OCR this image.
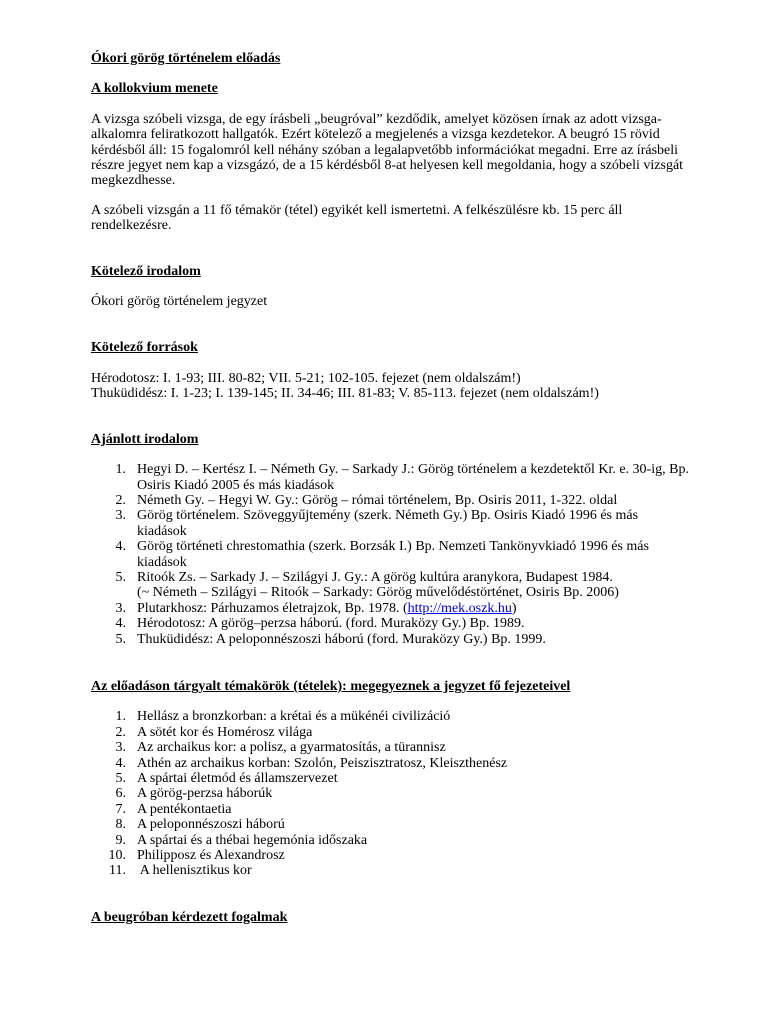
Ókori görög történelem előadás

A kollokvium menete

A vizsga szóbeli vizsga, de egy írásbeli „beugróval” kezdődik, amelyet közösen írnak az adott vizsga-alkalomra feliratkozott hallgatók. Ezért kötelező a megjelenés a vizsga kezdetekor. A beugró 15 rövid kérdésből áll: 15 fogalomról kell néhány szóban a legalapvetőbb információkat megadni. Erre az írásbeli részre jegyet nem kap a vizsgázó, de a 15 kérdésből 8-at helyesen kell megoldania, hogy a szóbeli vizsgát megkezdhesse.

A szóbeli vizsgán a 11 fő témakör (tétel) egyikét kell ismertetni. A felkészülésre kb. 15 perc áll rendelkezésre.

Kötelező irodalom

Ókori görög történelem jegyzet

Kötelező források

Hérodotosz: I. 1-93; III. 80-82; VII. 5-21; 102-105. fejezet (nem oldalszám!)

Thuküdidész: I. 1-23; I. 139-145; II. 34-46; III. 81-83; V. 85-113. fejezet (nem oldalszám!)

Ajánlott irodalom

1. Hegyi D. – Kertész I. – Németh Gy. – Sarkady J.: Görög történelem a kezdetektől Kr. e. 30-ig, Bp. Osiris Kiadó 2005 és más kiadások
2. Németh Gy. – Hegyi W. Gy.: Görög – római történelem, Bp. Osiris 2011, 1-322. oldal
3. Görög történelem. Szöveggyűjtemény (szerk. Németh Gy.) Bp. Osiris Kiadó 1996 és más kiadások
4. Görög történeti chrestomathia (szerk. Borzsák I.) Bp. Nemzeti Tankönyvkiadó 1996 és más kiadások
5. Ritoók Zs. – Sarkady J. – Szilágyi J. Gy.: A görög kultúra aranykora, Budapest 1984.

(~ Németh – Szilágyi – Ritoók – Sarkady: Görög művelődéstörténet, Osiris Bp. 2006)

3. Plutarkhosz: Párhuzamos életrajzok, Bp. 1978. (http://mek.oszk.hu)
4. Hérodotosz: A görög–perzsa háború. (ford. Muraközy Gy.) Bp. 1989.
5. Thuküdidész: A peloponnészoszi háború (ford. Muraközy Gy.) Bp. 1999.

Az előadáson tárgyalt témakörök (tételek): megegyeznek a jegyzet fő fejezeteivel

1. Hellász a bronzkorban: a krétai és a mükénéi civilizáció
2. A sötét kor és Homérosz világa
3. Az archaikus kor: a polisz, a gyarmatosítás, a türannisz
4. Athén az archaikus korban: Szolón, Peiszisztratosz, Kleiszthenész
5. A spártai életmód és államszervezet
6. A görög-perzsa háborúk
7. A pentékontaetia
8. A peloponnészoszi háború
9. A spártai és a thébai hegemónia időszaka
10. Philipposz és Alexandrosz
11. A hellenisztikus kor

A beugróban kérdezett fogalmak
